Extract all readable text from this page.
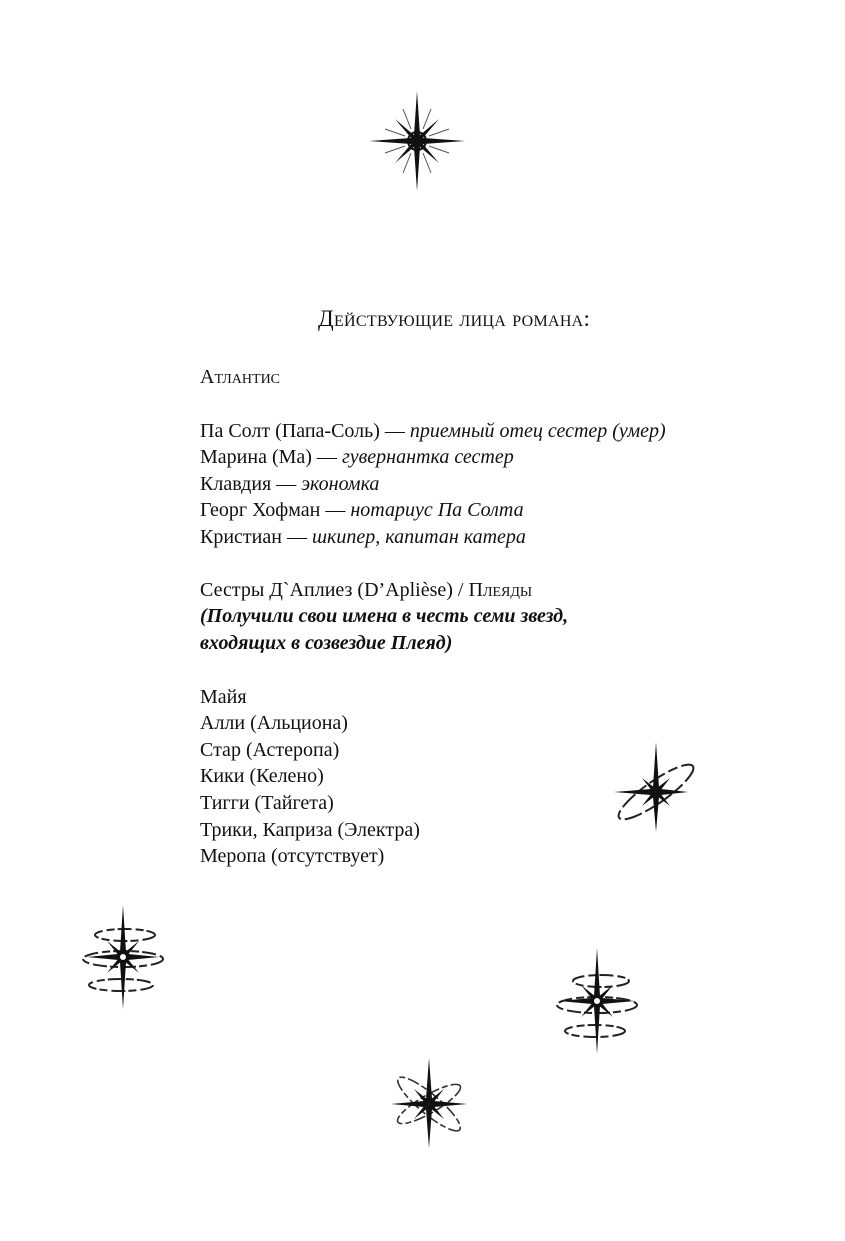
Действующие лица романа:
Атлантис
Па Солт (Папа-Соль) — приемный отец сестер (умер)
Марина (Ма) — гувернантка сестер
Клавдия — экономка
Георг Хофман — нотариус Па Солта
Кристиан — шкипер, капитан катера
Сестры Д`Аплиез (D’Aplièse) / Плеяды
(Получили свои имена в честь семи звезд,
входящих в созвездие Плеяд)
Майя
Алли (Альциона)
Стар (Астеропа)
Кики (Келено)
Тигги (Тайгета)
Трики, Каприза (Электра)
Меропа (отсутствует)
